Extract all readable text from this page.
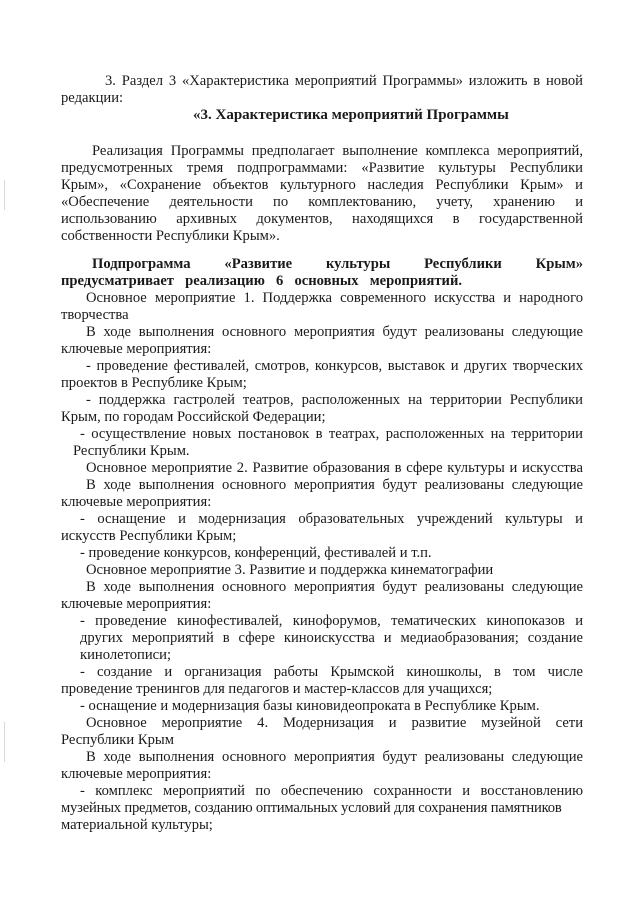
3. Раздел 3 «Характеристика мероприятий Программы» изложить в новой
редакции:
«3. Характеристика мероприятий Программы
Реализация Программы предполагает выполнение комплекса мероприятий,
предусмотренных тремя подпрограммами: «Развитие культуры Республики
Крым», «Сохранение объектов культурного наследия Республики Крым» и
«Обеспечение деятельности по комплектованию, учету, хранению и
использованию архивных документов, находящихся в государственной
собственности Республики Крым».
Подпрограмма «Развитие культуры Республики Крым»
предусматривает реализацию 6 основных мероприятий.
Основное мероприятие 1. Поддержка современного искусства и народного
творчества
В ходе выполнения основного мероприятия будут реализованы следующие
ключевые мероприятия:
- проведение фестивалей, смотров, конкурсов, выставок и других творческих
проектов в Республике Крым;
- поддержка гастролей театров, расположенных на территории Республики
Крым, по городам Российской Федерации;
- осуществление новых постановок в театрах, расположенных на территории
Республики Крым.
Основное мероприятие 2. Развитие образования в сфере культуры и искусства
В ходе выполнения основного мероприятия будут реализованы следующие
ключевые мероприятия:
- оснащение и модернизация образовательных учреждений культуры и
искусств Республики Крым;
- проведение конкурсов, конференций, фестивалей и т.п.
Основное мероприятие 3. Развитие и поддержка кинематографии
В ходе выполнения основного мероприятия будут реализованы следующие
ключевые мероприятия:
- проведение кинофестивалей, кинофорумов, тематических кинопоказов и
других мероприятий в сфере киноискусства и медиаобразования; создание
кинолетописи;
- создание и организация работы Крымской киношколы, в том числе
проведение тренингов для педагогов и мастер-классов для учащихся;
- оснащение и модернизация базы киновидеопроката в Республике Крым.
Основное мероприятие 4. Модернизация и развитие музейной сети
Республики Крым
В ходе выполнения основного мероприятия будут реализованы следующие
ключевые мероприятия:
- комплекс мероприятий по обеспечению сохранности и восстановлению
музейных предметов, созданию оптимальных условий для сохранения памятников
материальной культуры;
